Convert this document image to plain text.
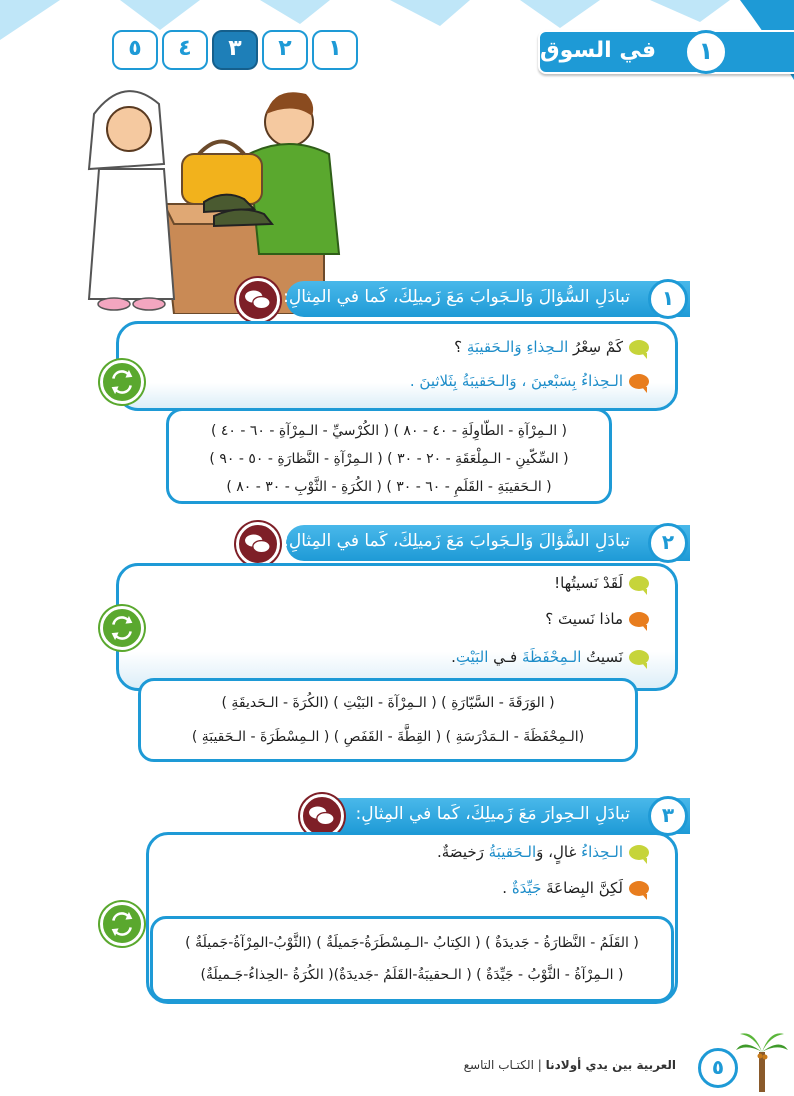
في السوق	١
٥	٤	٣	٢	١
تبادَلِ السُّؤالَ وَالـجَوابَ مَعَ زَميلِكَ، كَما في المِثالِ:	١
كَمْ سِعْرُ الـحِذاءِ وَالـحَقيبَةِ ؟
الـحِذاءُ بِسَبْعينَ ، وَالـحَقيبَةُ بِثَلاثينَ .
( الـمِرْآةِ - الطّاوِلَةِ - ٤٠ - ٨٠ ) ( الكُرْسيِّ - الـمِرْآةِ - ٦٠ - ٤٠ )
( السِّكّينِ - الـمِلْعَقَةِ - ٢٠ - ٣٠ ) ( الـمِرْآةِ - النَّظارَةِ - ٥٠ - ٩٠ )
( الـحَقيبَةِ - القَلَمِ - ٦٠ - ٣٠ ) ( الكُرَةِ - الثَّوْبِ - ٣٠ - ٨٠ )
تبادَلِ السُّؤالَ وَالـجَوابَ مَعَ زَميلِكَ، كَما في المِثالِ:	٢
لَقَدْ نَسيتُها!
ماذا نَسيتَ ؟
نَسيتُ الـمِحْفَظَةَ فـي البَيْتِ.
( الوَرَقَةَ - السَّيّارَةِ ) ( الـمِرْآةَ - البَيْتِ ) (الكُرَةَ - الـحَديقَةِ )
(الـمِحْفَظَةَ - الـمَدْرَسَةِ ) ( القِطَّةَ - القَفَصِ ) ( الـمِسْطَرَةَ - الـحَقيبَةِ )
تبادَلِ الـحِوارَ مَعَ زَميلِكَ، كَما في المِثالِ:	٣
الـحِذاءُ غالٍ، وَالـحَقيبَةُ رَخيصَةٌ.
لَكِنَّ البِضاعَةَ جَيِّدَةٌ .
( القَلَمُ - النَّظارَةُ - جَديدَةٌ ) ( الكِتابُ -الـمِسْطَرَةُ-جَميلَةٌ ) (الثَّوْبُ-المِرْآةُ-جَميلَةٌ )
( الـمِرْآةُ - الثَّوْبُ - جَيِّدَةٌ ) ( الـحقيبَةُ-القَلَمُ -جَديدَةٌ)( الكُرَةُ -الحِذاءُ-جَـميلَةٌ)
العربية بين يدي أولادنا | الكتـاب التاسع	٥
